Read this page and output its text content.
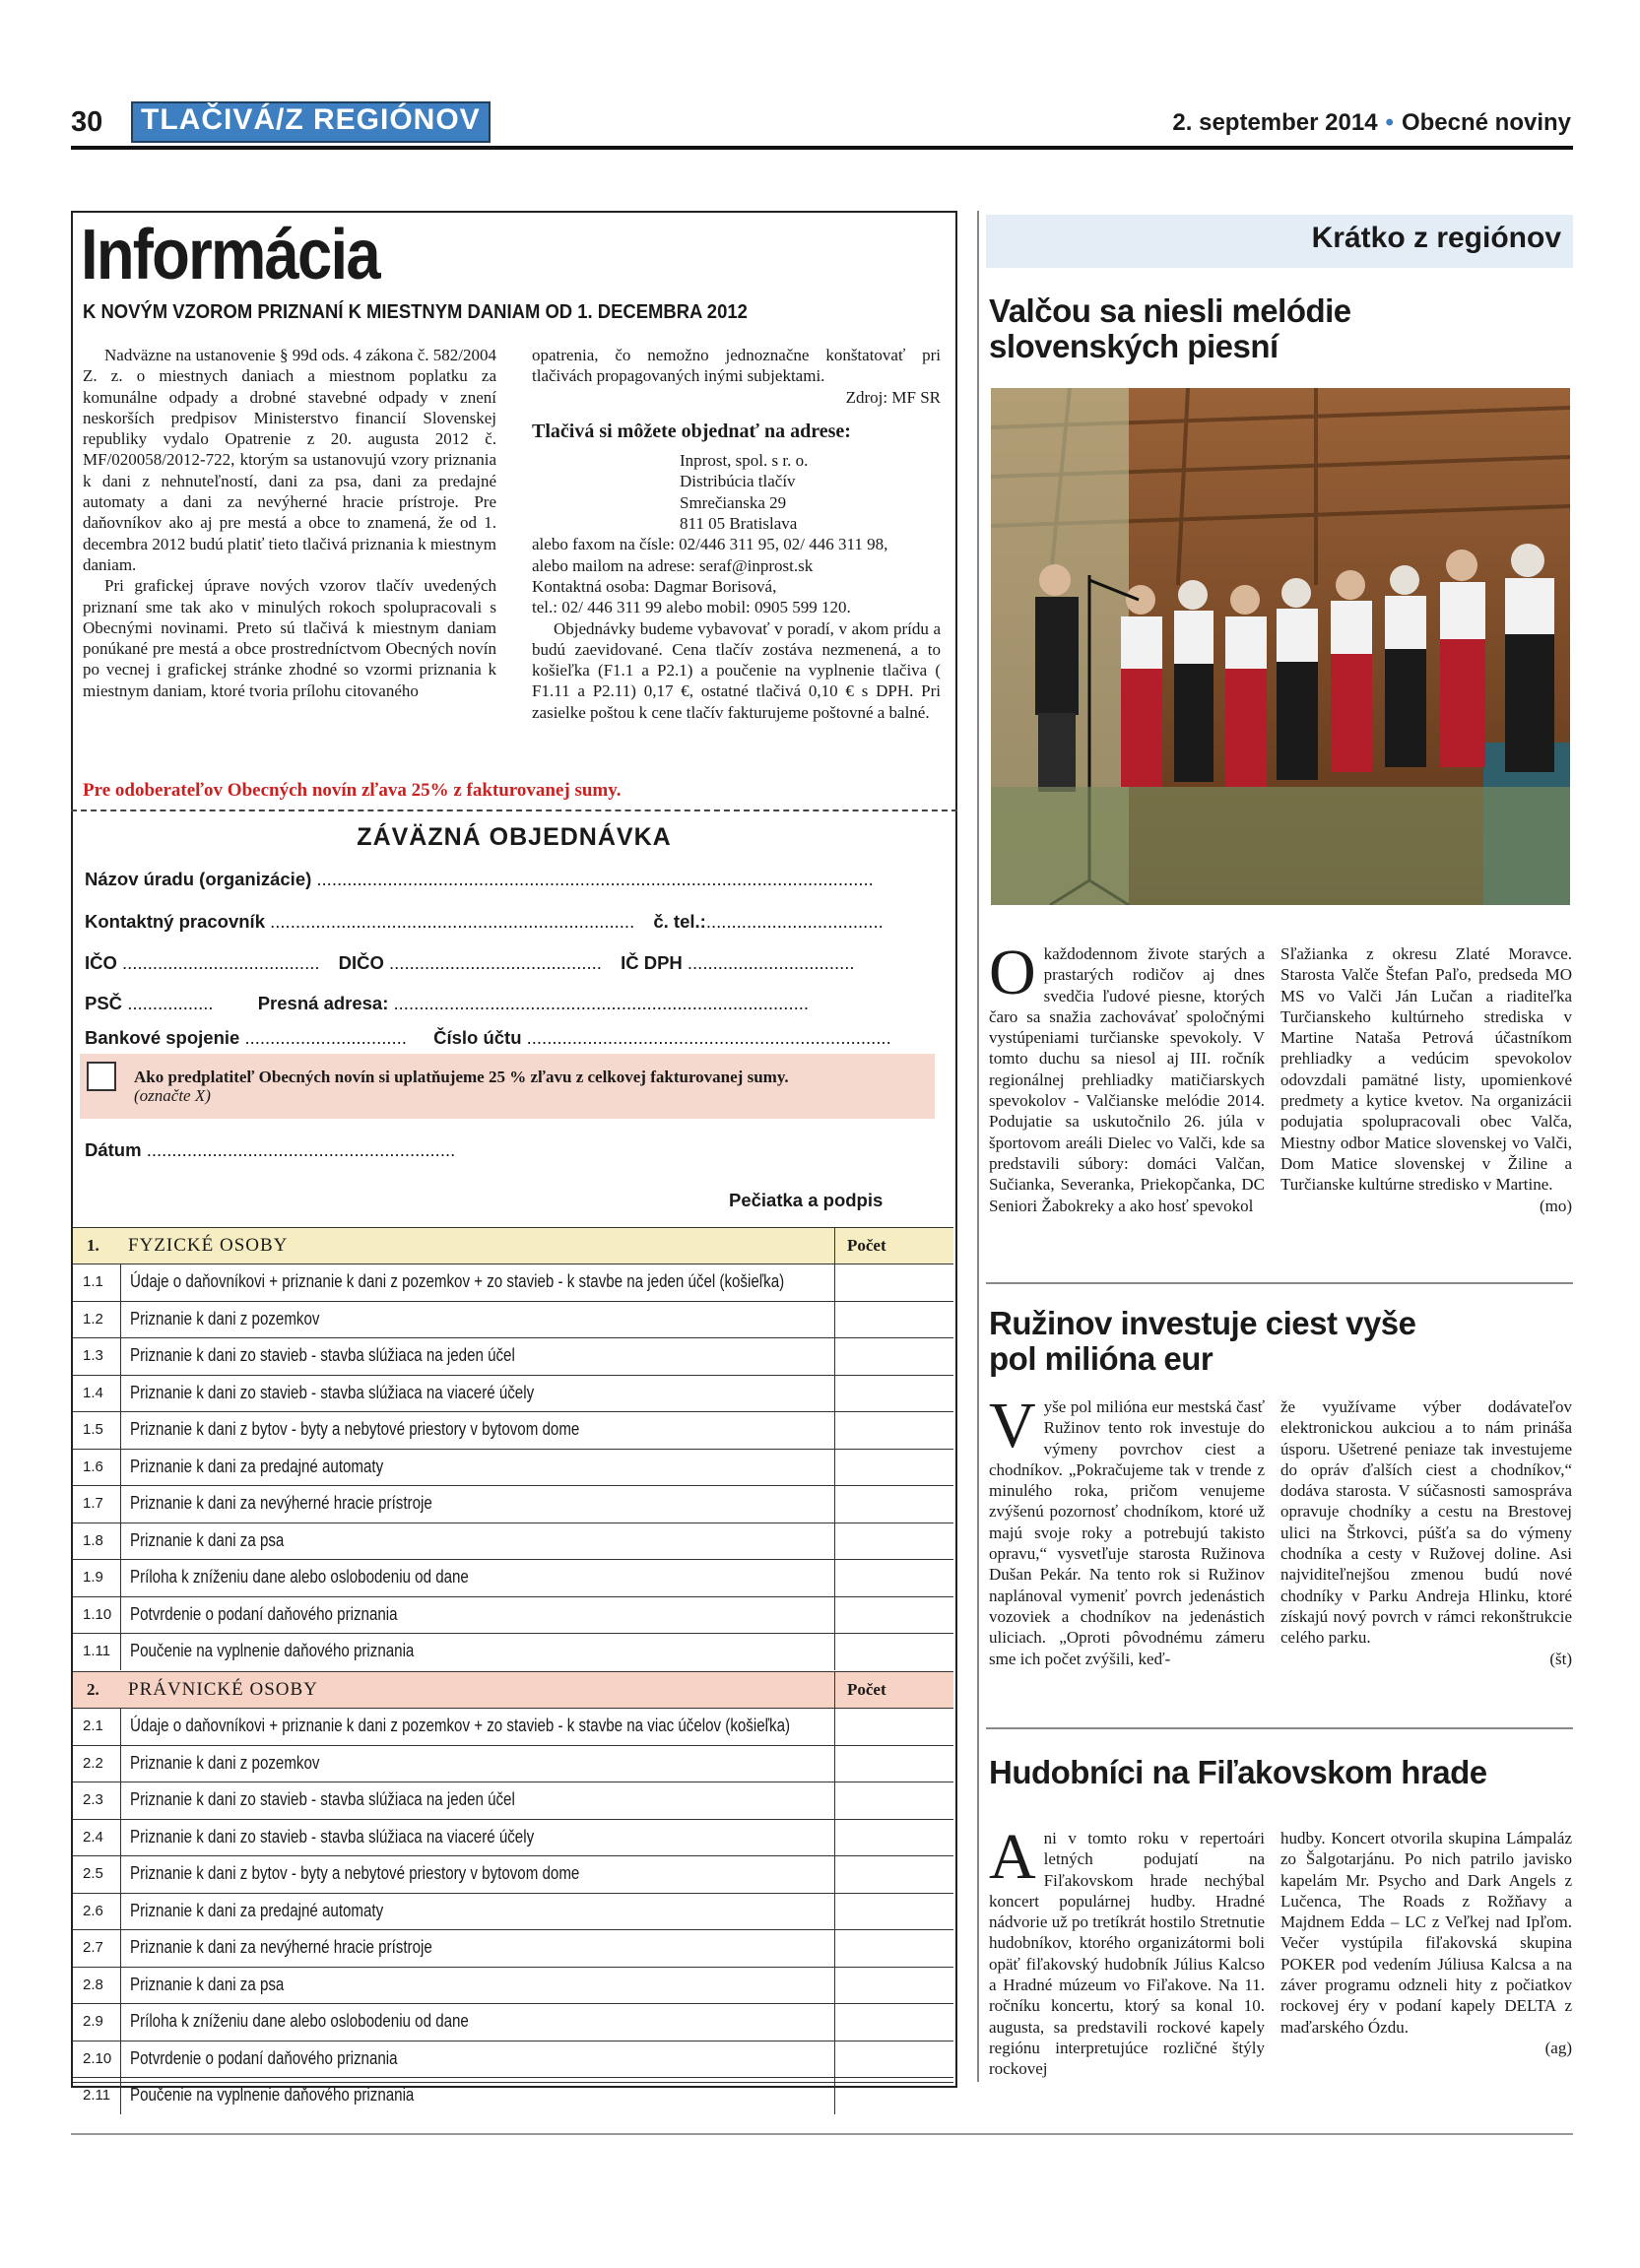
30	TLAČIVÁ/Z REGIÓNOV	2. september 2014 • Obecné noviny
Informácia
K NOVÝM VZOROM PRIZNANÍ K MIESTNYM DANIAM OD 1. DECEMBRA 2012

Nadväzne na ustanovenie § 99d ods. 4 zákona č. 582/2004 Z. z. o miestnych daniach a miestnom poplatku za komunálne odpady a drobné stavebné odpady v znení neskorších predpisov Ministerstvo financií Slovenskej republiky vydalo Opatrenie z 20. augusta 2012 č. MF/020058/2012-722, ktorým sa ustanovujú vzory priznania k dani z nehnuteľností, dani za psa, dani za predajné automaty a dani za nevýherné hracie prístroje. Pre daňovníkov ako aj pre mestá a obce to znamená, že od 1. decembra 2012 budú platiť tieto tlačivá priznania k miestnym daniam.

Pri grafickej úprave nových vzorov tlačív uvedených priznaní sme tak ako v minulých rokoch spolupracovali s Obecnými novinami. Preto sú tlačivá k miestnym daniam ponúkané pre mestá a obce prostredníctvom Obecných novín po vecnej i grafickej stránke zhodné so vzormi priznania k miestnym daniam, ktoré tvoria prílohu citovaného

opatrenia, čo nemožno jednoznačne konštatovať pri tlačivách propagovaných inými subjektami.

Zdroj: MF SR

Tlačivá si môžete objednať na adrese:

Inprost, spol. s r. o.

Distribúcia tlačív

Smrečianska 29

811 05 Bratislava

alebo faxom na čísle: 02/446 311 95, 02/ 446 311 98,

alebo mailom na adrese: seraf@inprost.sk

Kontaktná osoba: Dagmar Borisová,

tel.: 02/ 446 311 99 alebo mobil: 0905 599 120.

Objednávky budeme vybavovať v poradí, v akom prídu a budú zaevidované. Cena tlačív zostáva nezmenená, a to košieľka (F1.1 a P2.1) a poučenie na vyplnenie tlačiva ( F1.11 a P2.11) 0,17 €, ostatné tlačivá 0,10 € s DPH. Pri zasielke poštou k cene tlačív fakturujeme poštovné a balné.

Pre odoberateľov Obecných novín zľava 25% z fakturovanej sumy.
ZÁVÄZNÁ OBJEDNÁVKA
Názov úradu (organizácie) ..............................................................................................................
Kontaktný pracovník ........................................................................ č. tel.:...................................
IČO ....................................... DIČO .......................................... IČ DPH .................................
PSČ ................. Presná adresa: ..................................................................................
Bankové spojenie ................................ Číslo účtu ........................................................................
Ako predplatiteľ Obecných novín si uplatňujeme 25 % zľavu z celkovej fakturovanej sumy.
(označte X)
Dátum .............................................................
Pečiatka a podpis
1. FYZICKÉ OSOBY	Počet
1.1 Údaje o daňovníkovi + priznanie k dani z pozemkov + zo stavieb - k stavbe na jeden účel (košieľka)
1.2 Priznanie k dani z pozemkov
1.3 Priznanie k dani zo stavieb - stavba slúžiaca na jeden účel
1.4 Priznanie k dani zo stavieb - stavba slúžiaca na viaceré účely
1.5 Priznanie k dani z bytov - byty a nebytové priestory v bytovom dome
1.6 Priznanie k dani za predajné automaty
1.7 Priznanie k dani za nevýherné hracie prístroje
1.8 Priznanie k dani za psa
1.9 Príloha k zníženiu dane alebo oslobodeniu od dane
1.10 Potvrdenie o podaní daňového priznania
1.11 Poučenie na vyplnenie daňového priznania
2. PRÁVNICKÉ OSOBY	Počet
2.1 Údaje o daňovníkovi + priznanie k dani z pozemkov + zo stavieb - k stavbe na viac účelov (košieľka)
2.2 Priznanie k dani z pozemkov
2.3 Priznanie k dani zo stavieb - stavba slúžiaca na jeden účel
2.4 Priznanie k dani zo stavieb - stavba slúžiaca na viaceré účely
2.5 Priznanie k dani z bytov - byty a nebytové priestory v bytovom dome
2.6 Priznanie k dani za predajné automaty
2.7 Priznanie k dani za nevýherné hracie prístroje
2.8 Priznanie k dani za psa
2.9 Príloha k zníženiu dane alebo oslobodeniu od dane
2.10 Potvrdenie o podaní daňového priznania
2.11 Poučenie na vyplnenie daňového priznania
Krátko z regiónov
Valčou sa niesli melódie
slovenských piesní

Okaždodennom živote starých a prastarých rodičov aj dnes svedčia ľudové piesne, ktorých čaro sa snažia zachovávať spoločnými vystúpeniami turčianske spevokoly. V tomto duchu sa niesol aj III. ročník regionálnej prehliadky matičiarskych spevokolov - Valčianske melódie 2014. Podujatie sa uskutočnilo 26. júla v športovom areáli Dielec vo Valči, kde sa predstavili súbory: domáci Valčan, Sučianka, Severanka, Priekopčanka, DC Seniori Žabokreky a ako hosť spevokol

Sľažianka z okresu Zlaté Moravce. Starosta Valče Štefan Paľo, predseda MO MS vo Valči Ján Lučan a riaditeľka Turčianskeho kultúrneho strediska v Martine Nataša Petrová účastníkom prehliadky a vedúcim spevokolov odovzdali pamätné listy, upomienkové predmety a kytice kvetov. Na organizácii podujatia spolupracovali obec Valča, Miestny odbor Matice slovenskej vo Valči, Dom Matice slovenskej v Žiline a Turčianske kultúrne stredisko v Martine.

(mo)

Ružinov investuje ciest vyše
pol milióna eur

Vyše pol milióna eur mestská časť Ružinov tento rok investuje do výmeny povrchov ciest a chodníkov. „Pokračujeme tak v trende z minulého roka, pričom venujeme zvýšenú pozornosť chodníkom, ktoré už majú svoje roky a potrebujú takisto opravu,“ vysvetľuje starosta Ružinova Dušan Pekár. Na tento rok si Ružinov naplánoval vymeniť povrch jedenástich vozoviek a chodníkov na jedenástich uliciach. „Oproti pôvodnému zámeru sme ich počet zvýšili, keď-

že využívame výber dodávateľov elektronickou aukciou a to nám prináša úsporu. Ušetrené peniaze tak investujeme do opráv ďalších ciest a chodníkov,“ dodáva starosta. V súčasnosti samospráva opravuje chodníky a cestu na Brestovej ulici na Štrkovci, púšťa sa do výmeny chodníka a cesty v Ružovej doline. Asi najviditeľnejšou zmenou budú nové chodníky v Parku Andreja Hlinku, ktoré získajú nový povrch v rámci rekonštrukcie celého parku.

(št)

Hudobníci na Fiľakovskom hrade

Ani v tomto roku v repertoári letných podujatí na Fiľakovskom hrade nechýbal koncert populárnej hudby. Hradné nádvorie už po tretíkrát hostilo Stretnutie hudobníkov, ktorého organizátormi boli opäť fiľakovský hudobník Július Kalcso a Hradné múzeum vo Fiľakove. Na 11. ročníku koncertu, ktorý sa konal 10. augusta, sa predstavili rockové kapely regiónu interpretujúce rozličné štýly rockovej

hudby. Koncert otvorila skupina Lámpaláz zo Šalgotarjánu. Po nich patrilo javisko kapelám Mr. Psycho and Dark Angels z Lučenca, The Roads z Rožňavy a Majdnem Edda – LC z Veľkej nad Ipľom. Večer vystúpila fiľakovská skupina POKER pod vedením Júliusa Kalcsa a na záver programu odzneli hity z počiatkov rockovej éry v podaní kapely DELTA z maďarského Ózdu.

(ag)
